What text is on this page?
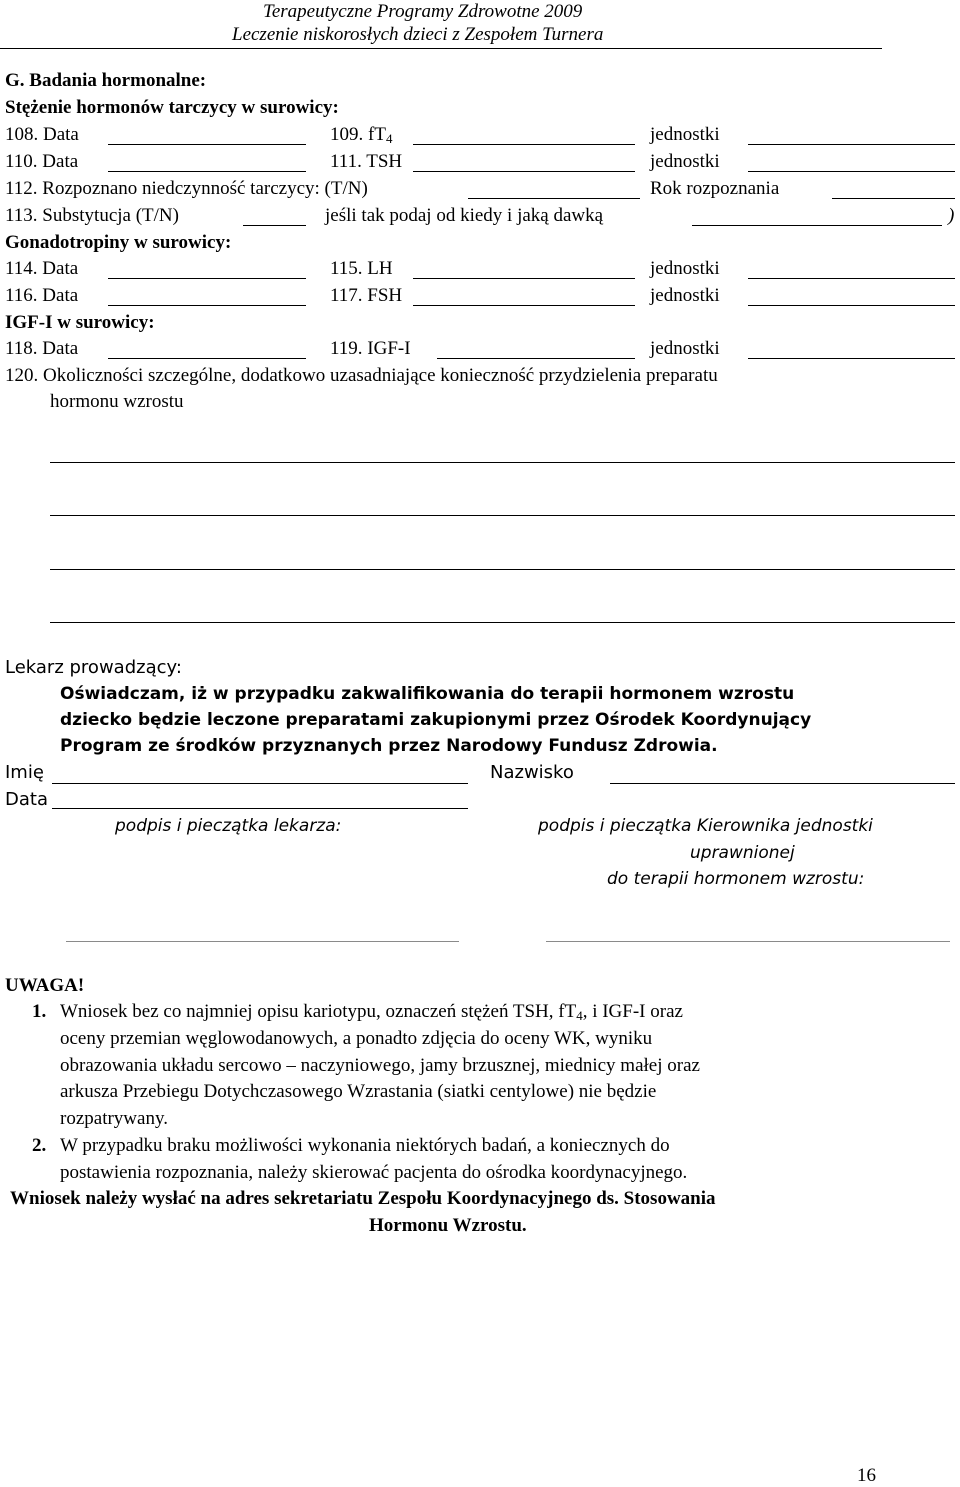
Terapeutyczne Programy Zdrowotne 2009
Leczenie niskorosłych dzieci z Zespołem Turnera
G. Badania hormonalne:
Stężenie hormonów tarczycy w surowicy:
108. Data	109. $fT_4$	jednostki
110. Data	111. TSH	jednostki
112. Rozpoznano niedczynność tarczycy: (T/N)	Rok rozpoznania
113. Substytucja (T/N)	jeśli tak podaj od kiedy i jaką dawką	)
Gonadotropiny w surowicy:
114. Data	115. LH	jednostki
116. Data	117. FSH	jednostki
IGF-I w surowicy:
118. Data	119. IGF-I	jednostki
120. Okoliczności szczególne, dodatkowo uzasadniające konieczność przydzielenia preparatu
hormonu wzrostu
Lekarz prowadzący:
Oświadczam, iż w przypadku zakwalifikowania do terapii hormonem wzrostu
dziecko będzie leczone preparatami zakupionymi przez Ośrodek Koordynujący
Program ze środków przyznanych przez Narodowy Fundusz Zdrowia.
Imię	Nazwisko
Data
podpis i pieczątka lekarza:	podpis i pieczątka Kierownika jednostki
uprawnionej
do terapii hormonem wzrostu:
UWAGA!
1. Wniosek bez co najmniej opisu kariotypu, oznaczeń stężeń TSH, $fT_4$, i IGF-I oraz
oceny przemian węglowodanowych, a ponadto zdjęcia do oceny WK, wyniku
obrazowania układu sercowo – naczyniowego, jamy brzusznej, miednicy małej oraz
arkusza Przebiegu Dotychczasowego Wzrastania (siatki centylowe) nie będzie
rozpatrywany.
2. W przypadku braku możliwości wykonania niektórych badań, a koniecznych do
postawienia rozpoznania, należy skierować pacjenta do ośrodka koordynacyjnego.
Wniosek należy wysłać na adres sekretariatu Zespołu Koordynacyjnego ds. Stosowania
Hormonu Wzrostu.
16
